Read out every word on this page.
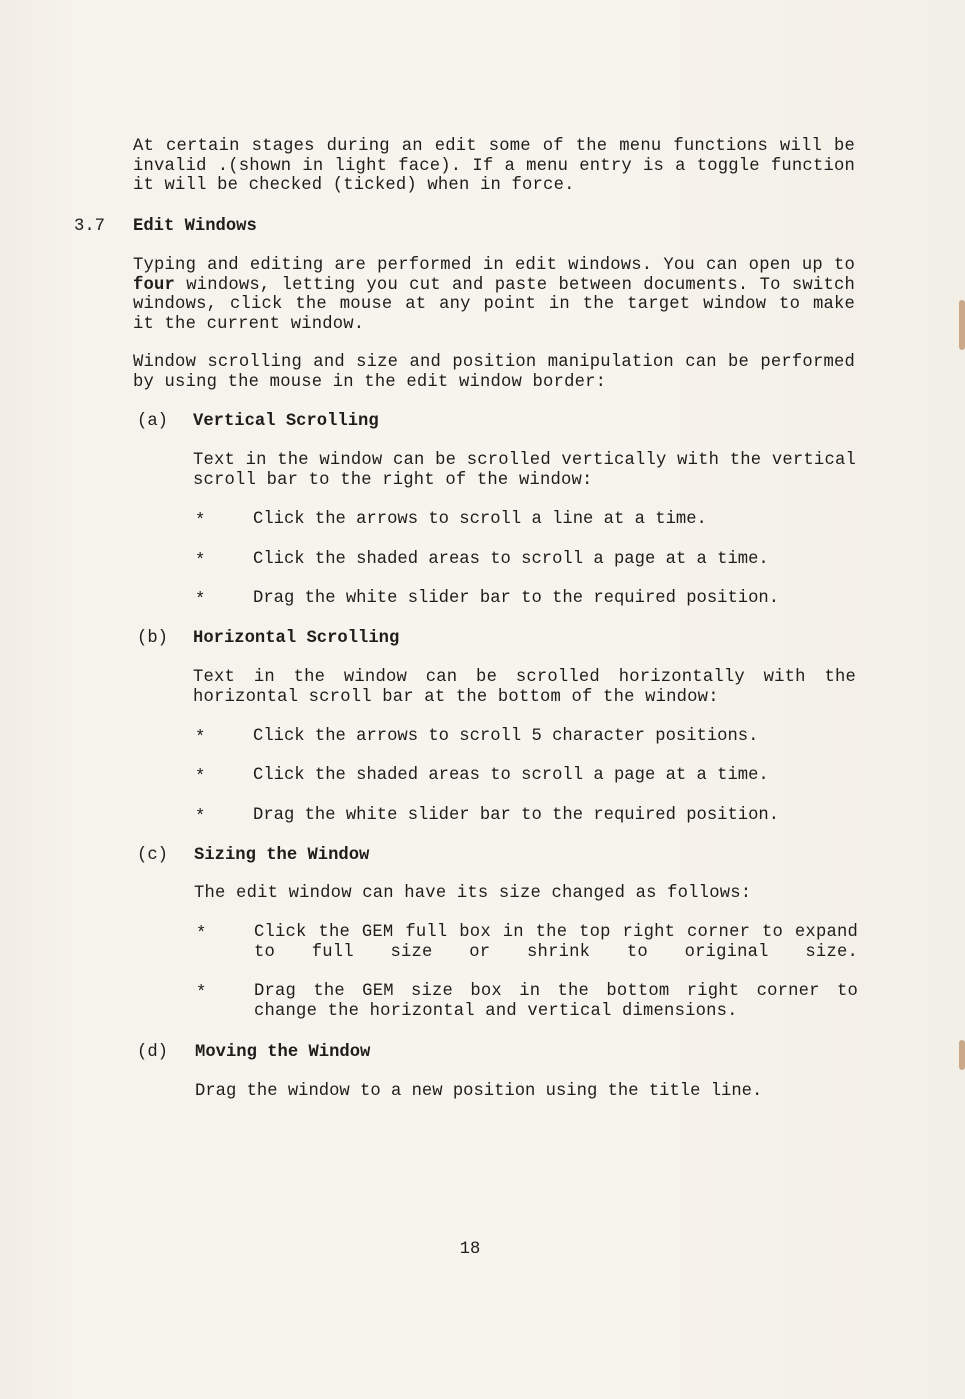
At certain stages during an edit some of the menu functions will be invalid .(shown in light face). If a menu entry is a toggle function it will be checked (ticked) when in force.
3.7 Edit Windows
Typing and editing are performed in edit windows. You can open up to four windows, letting you cut and paste between documents. To switch windows, click the mouse at any point in the target window to make it the current window.
Window scrolling and size and position manipulation can be performed by using the mouse in the edit window border:
(a) Vertical Scrolling
Text in the window can be scrolled vertically with the vertical scroll bar to the right of the window:
*	Click the arrows to scroll a line at a time.
*	Click the shaded areas to scroll a page at a time.
*	Drag the white slider bar to the required position.
(b) Horizontal Scrolling
Text in the window can be scrolled horizontally with the horizontal scroll bar at the bottom of the window:
*	Click the arrows to scroll 5 character positions.
*	Click the shaded areas to scroll a page at a time.
*	Drag the white slider bar to the required position.
(c) Sizing the Window
The edit window can have its size changed as follows:
*	Click the GEM full box in the top right corner to expand to full size or shrink to original size.
*	Drag the GEM size box in the bottom right corner to change the horizontal and vertical dimensions.
(d) Moving the Window
Drag the window to a new position using the title line.
18
